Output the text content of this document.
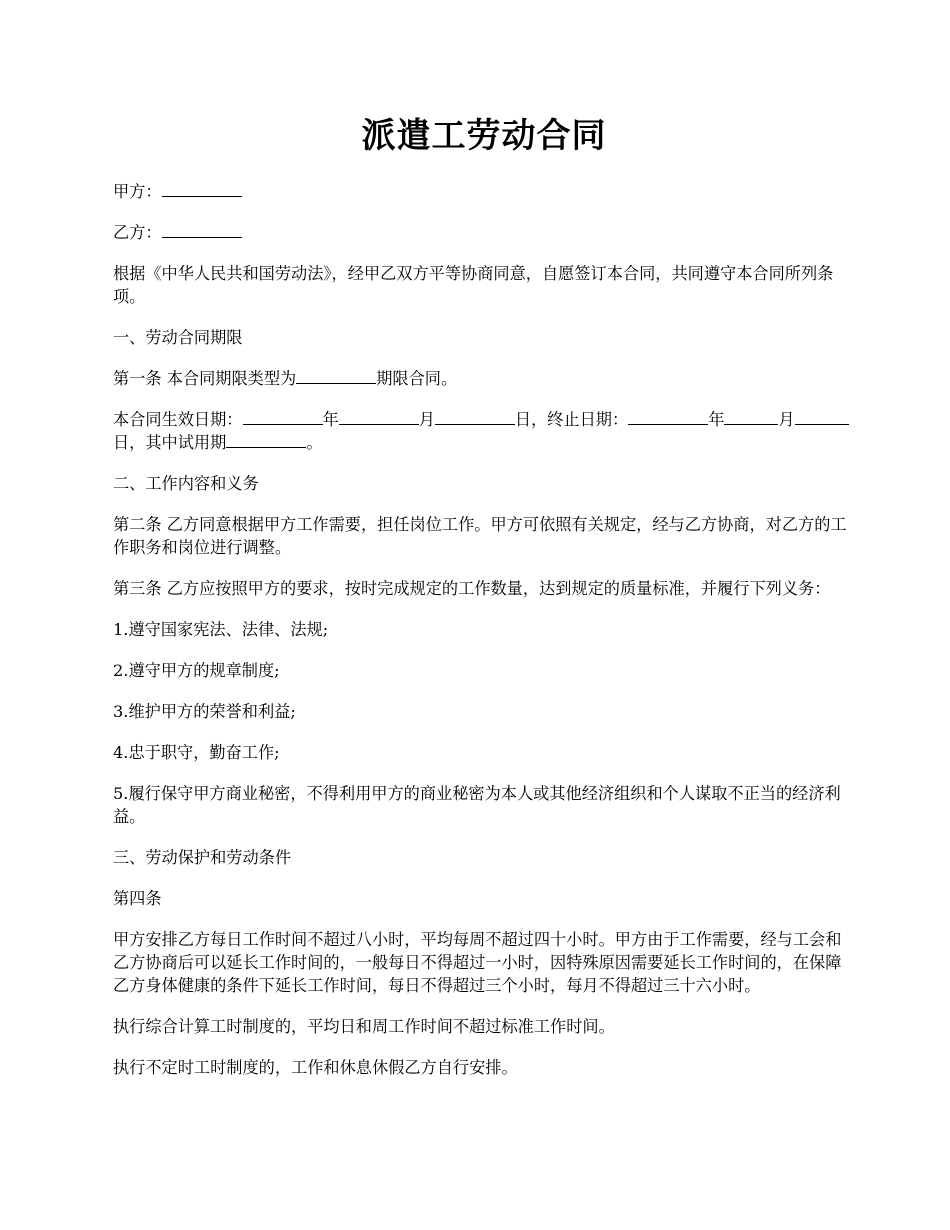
派遣工劳动合同

甲方：

乙方：

根据《中华人民共和国劳动法》，经甲乙双方平等协商同意，自愿签订本合同，共同遵守本合同所列条项。

一、劳动合同期限

第一条 本合同期限类型为	期限合同。

本合同生效日期：	年	月	日，终止日期：	年	月日，其中试用期	。

二、工作内容和义务

第二条 乙方同意根据甲方工作需要，担任岗位工作。甲方可依照有关规定，经与乙方协商，对乙方的工作职务和岗位进行调整。

第三条 乙方应按照甲方的要求，按时完成规定的工作数量，达到规定的质量标准，并履行下列义务：

1.遵守国家宪法、法律、法规;

2.遵守甲方的规章制度;

3.维护甲方的荣誉和利益;

4.忠于职守，勤奋工作;

5.履行保守甲方商业秘密，不得利用甲方的商业秘密为本人或其他经济组织和个人谋取不正当的经济利益。

三、劳动保护和劳动条件

第四条

甲方安排乙方每日工作时间不超过八小时，平均每周不超过四十小时。甲方由于工作需要，经与工会和乙方协商后可以延长工作时间的，一般每日不得超过一小时，因特殊原因需要延长工作时间的，在保障乙方身体健康的条件下延长工作时间，每日不得超过三个小时，每月不得超过三十六小时。

执行综合计算工时制度的，平均日和周工作时间不超过标准工作时间。

执行不定时工时制度的，工作和休息休假乙方自行安排。
